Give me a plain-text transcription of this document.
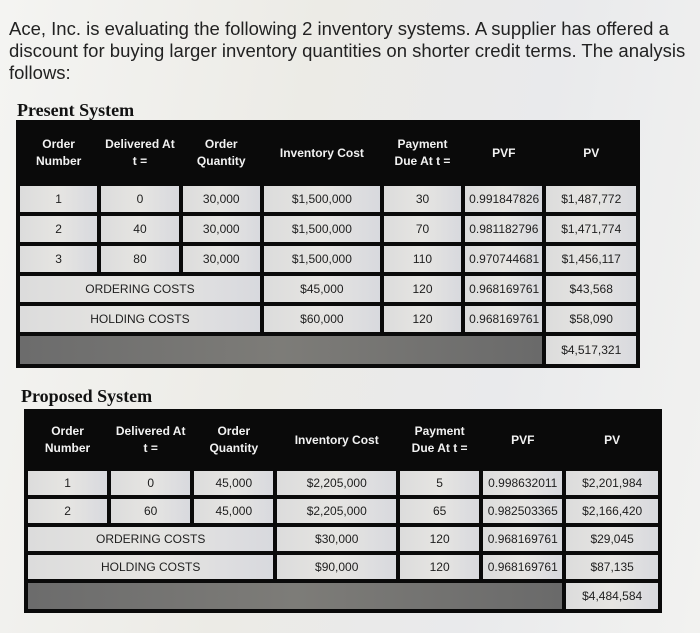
Ace, Inc. is evaluating the following 2 inventory systems. A supplier has offered a discount for buying larger inventory quantities on shorter credit terms. The analysis follows:
Present System
Order Number	Delivered At t =	Order Quantity	Inventory Cost	Payment Due At t =	PVF	PV
1	0	30,000	$1,500,000	30	0.991847826	$1,487,772
2	40	30,000	$1,500,000	70	0.981182796	$1,471,774
3	80	30,000	$1,500,000	110	0.970744681	$1,456,117
ORDERING COSTS			$45,000	120	0.968169761	$43,568
HOLDING COSTS			$60,000	120	0.968169761	$58,090
						$4,517,321
Proposed System
Order Number	Delivered At t =	Order Quantity	Inventory Cost	Payment Due At t =	PVF	PV
1	0	45,000	$2,205,000	5	0.998632011	$2,201,984
2	60	45,000	$2,205,000	65	0.982503365	$2,166,420
ORDERING COSTS			$30,000	120	0.968169761	$29,045
HOLDING COSTS			$90,000	120	0.968169761	$87,135
						$4,484,584
